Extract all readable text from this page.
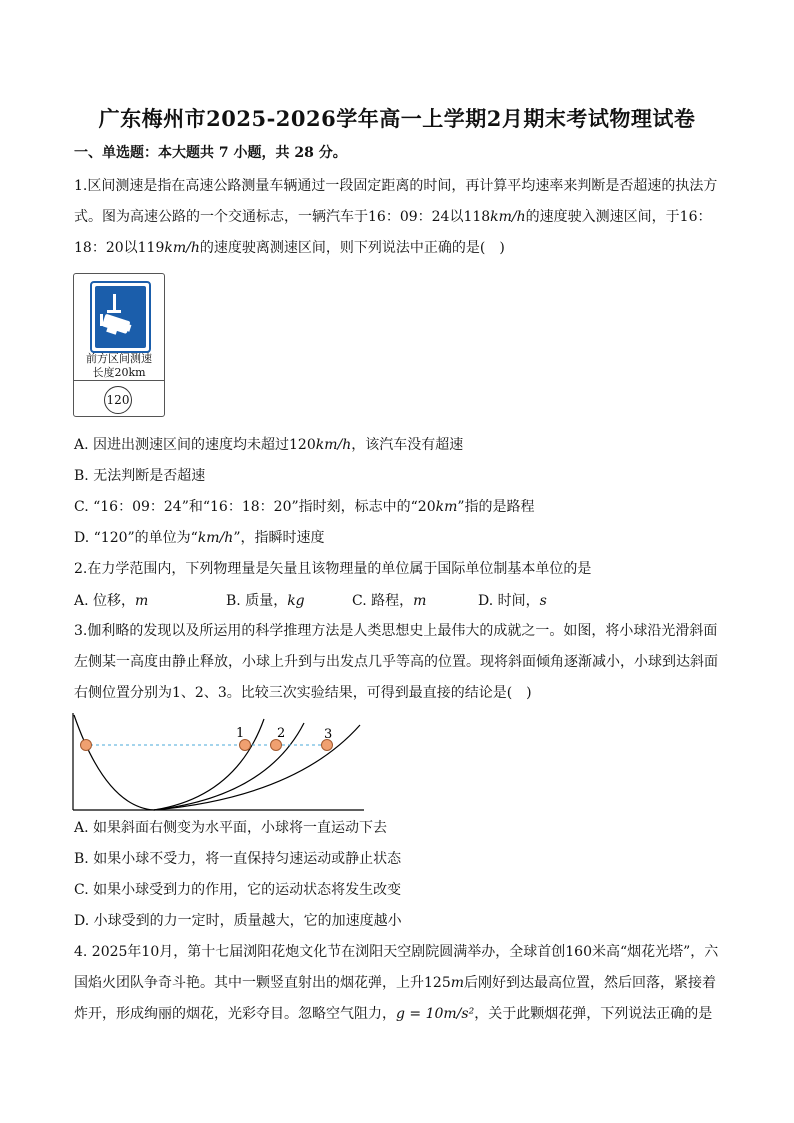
广东梅州市2025-2026学年高一上学期2月期末考试物理试卷
一、单选题：本大题共 7 小题，共 28 分。
1.区间测速是指在高速公路测量车辆通过一段固定距离的时间，再计算平均速率来判断是否超速的执法方
式。图为高速公路的一个交通标志，一辆汽车于16：09：24以118km/h的速度驶入测速区间，于16：
18：20以119km/h的速度驶离测速区间，则下列说法中正确的是(　)
前方区间测速
长度20km
120
A. 因进出测速区间的速度均未超过120km/h，该汽车没有超速
B. 无法判断是否超速
C. “16：09：24”和“16：18：20”指时刻，标志中的“20km”指的是路程
D. “120”的单位为“km/h”，指瞬时速度
2.在力学范围内，下列物理量是矢量且该物理量的单位属于国际单位制基本单位的是
A. 位移，m	B. 质量，kg	C. 路程，m	D. 时间，s
3.伽利略的发现以及所运用的科学推理方法是人类思想史上最伟大的成就之一。如图，将小球沿光滑斜面
左侧某一高度由静止释放，小球上升到与出发点几乎等高的位置。现将斜面倾角逐渐减小，小球到达斜面
右侧位置分别为1、2、3。比较三次实验结果，可得到最直接的结论是(　)
1	2	3
A. 如果斜面右侧变为水平面，小球将一直运动下去
B. 如果小球不受力，将一直保持匀速运动或静止状态
C. 如果小球受到力的作用，它的运动状态将发生改变
D. 小球受到的力一定时，质量越大，它的加速度越小
4. 2025年10月，第十七届浏阳花炮文化节在浏阳天空剧院圆满举办，全球首创160米高“烟花光塔”，六
国焰火团队争奇斗艳。其中一颗竖直射出的烟花弹，上升125m后刚好到达最高位置，然后回落，紧接着
炸开，形成绚丽的烟花，光彩夺目。忽略空气阻力，g = 10m/s²，关于此颗烟花弹，下列说法正确的是
